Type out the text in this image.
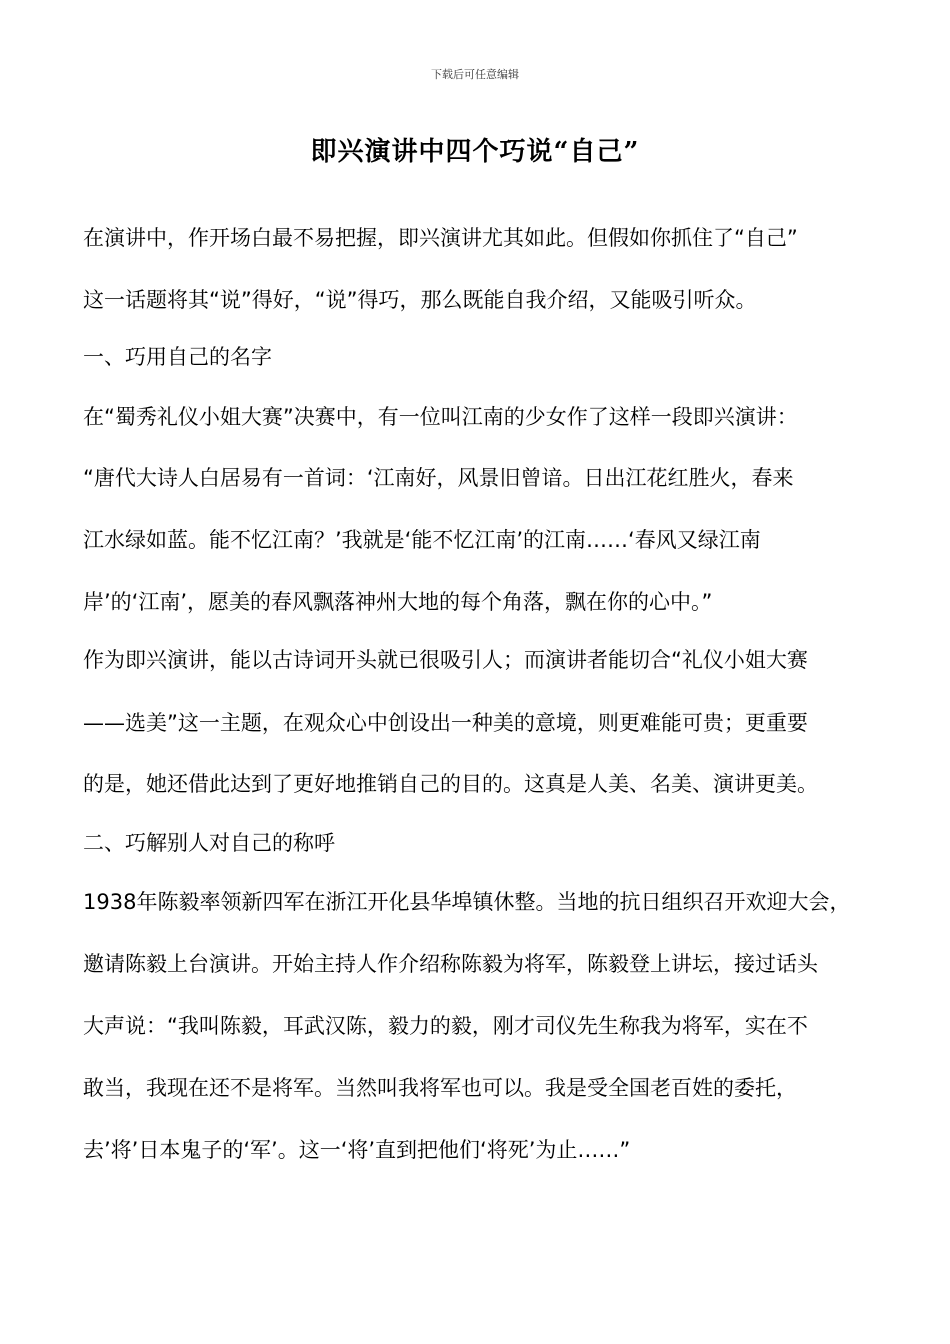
下载后可任意编辑
即兴演讲中四个巧说“自己”
在演讲中，作开场白最不易把握，即兴演讲尤其如此。但假如你抓住了“自己”
这一话题将其“说”得好，“说”得巧，那么既能自我介绍，又能吸引听众。
一、巧用自己的名字
在“蜀秀礼仪小姐大赛”决赛中，有一位叫江南的少女作了这样一段即兴演讲：
“唐代大诗人白居易有一首词：‘江南好，风景旧曾谙。日出江花红胜火，春来
江水绿如蓝。能不忆江南？’我就是‘能不忆江南’的江南……‘春风又绿江南
岸’的‘江南’，愿美的春风飘落神州大地的每个角落，飘在你的心中。”
作为即兴演讲，能以古诗词开头就已很吸引人；而演讲者能切合“礼仪小姐大赛
——选美”这一主题，在观众心中创设出一种美的意境，则更难能可贵；更重要
的是，她还借此达到了更好地推销自己的目的。这真是人美、名美、演讲更美。
二、巧解别人对自己的称呼
1938年陈毅率领新四军在浙江开化县华埠镇休整。当地的抗日组织召开欢迎大会，
邀请陈毅上台演讲。开始主持人作介绍称陈毅为将军，陈毅登上讲坛，接过话头
大声说：“我叫陈毅，耳武汉陈，毅力的毅，刚才司仪先生称我为将军，实在不
敢当，我现在还不是将军。当然叫我将军也可以。我是受全国老百姓的委托，
去’将’日本鬼子的‘军’。这一‘将’直到把他们‘将死’为止……”
